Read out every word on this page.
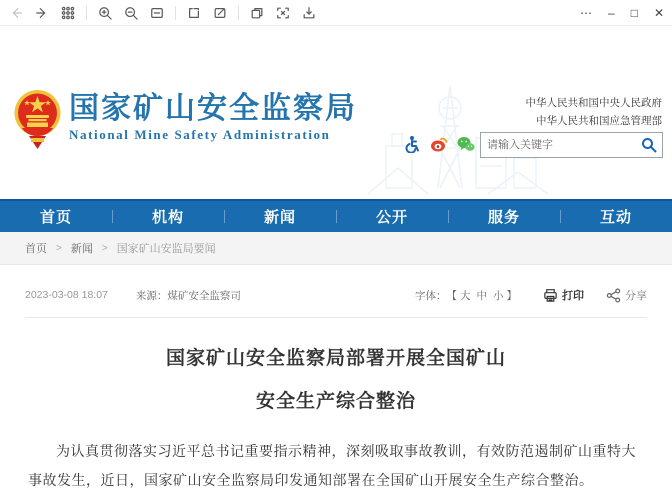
⋯ – □ ✕
国家矿山安全监察局
National Mine Safety Administration
中华人民共和国中央人民政府
中华人民共和国应急管理部
请输入关键字
首页	机构	新闻	公开	服务	互动
首页 > 新闻 > 国家矿山安监局要闻
2023-03-08 18:07	来源：煤矿安全监察司	字体： 【 大 中 小 】	打印	分享
国家矿山安全监察局部署开展全国矿山
安全生产综合整治

为认真贯彻落实习近平总书记重要指示精神，深刻吸取事故教训，有效防范遏制矿山重特大事故发生，近日，国家矿山安全监察局印发通知部署在全国矿山开展安全生产综合整治。
